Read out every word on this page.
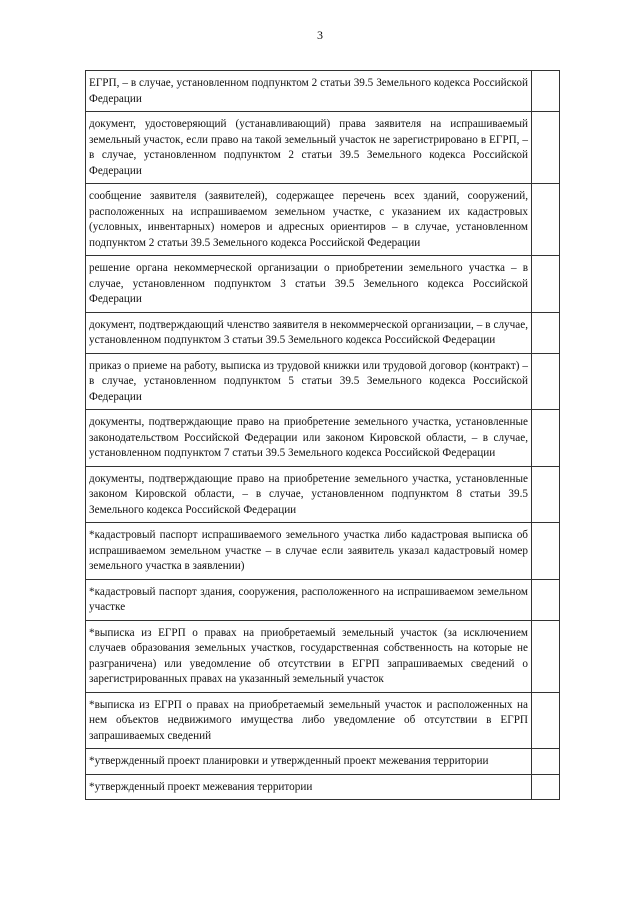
3
ЕГРП, – в случае, установленном подпунктом 2 статьи 39.5 Земельного кодекса Российской Федерации	
документ, удостоверяющий (устанавливающий) права заявителя на испрашиваемый земельный участок, если право на такой земельный участок не зарегистрировано в ЕГРП, – в случае, установленном подпунктом 2 статьи 39.5 Земельного кодекса Российской Федерации	
сообщение заявителя (заявителей), содержащее перечень всех зданий, сооружений, расположенных на испрашиваемом земельном участке, с указанием их кадастровых (условных, инвентарных) номеров и адресных ориентиров – в случае, установленном подпунктом 2 статьи 39.5 Земельного кодекса Российской Федерации	
решение органа некоммерческой организации о приобретении земельного участка – в случае, установленном подпунктом 3 статьи 39.5 Земельного кодекса Российской Федерации	
документ, подтверждающий членство заявителя в некоммерческой организации, – в случае, установленном подпунктом 3 статьи 39.5 Земельного кодекса Российской Федерации	
приказ о приеме на работу, выписка из трудовой книжки или трудовой договор (контракт) – в случае, установленном подпунктом 5 статьи 39.5 Земельного кодекса Российской Федерации	
документы, подтверждающие право на приобретение земельного участка, установленные законодательством Российской Федерации или законом Кировской области, – в случае, установленном подпунктом 7 статьи 39.5 Земельного кодекса Российской Федерации	
документы, подтверждающие право на приобретение земельного участка, установленные законом Кировской области, – в случае, установленном подпунктом 8 статьи 39.5 Земельного кодекса Российской Федерации	
*кадастровый паспорт испрашиваемого земельного участка либо кадастровая выписка об испрашиваемом земельном участке – в случае если заявитель указал кадастровый номер земельного участка в заявлении)	
*кадастровый паспорт здания, сооружения, расположенного на испрашиваемом земельном участке	
*выписка из ЕГРП о правах на приобретаемый земельный участок (за исключением случаев образования земельных участков, государственная собственность на которые не разграничена) или уведомление об отсутствии в ЕГРП запрашиваемых сведений о зарегистрированных правах на указанный земельный участок	
*выписка из ЕГРП о правах на приобретаемый земельный участок и расположенных на нем объектов недвижимого имущества либо уведомление об отсутствии в ЕГРП запрашиваемых сведений	
*утвержденный проект планировки и утвержденный проект межевания территории	
*утвержденный проект межевания территории	
